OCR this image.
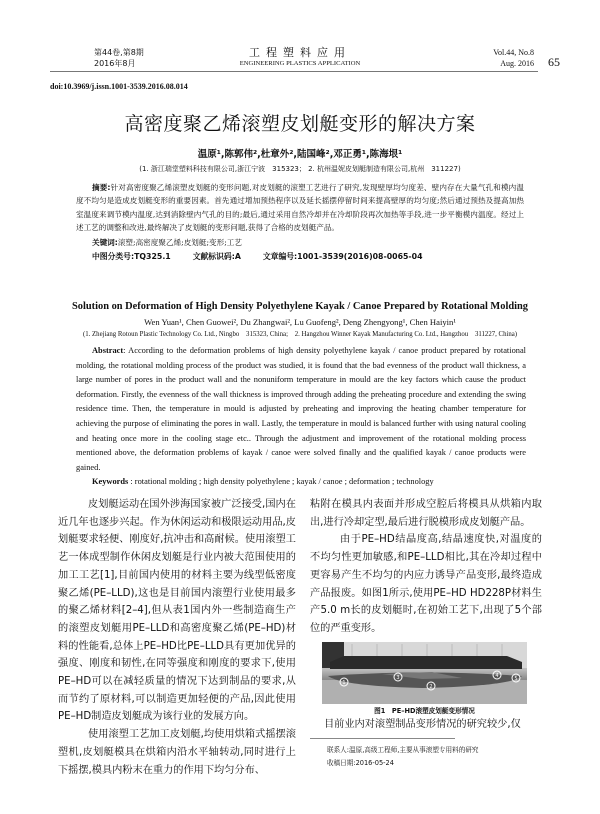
第44卷,第8期
2016年8月
工程塑料应用
ENGINEERING PLASTICS APPLICATION
Vol.44, No.8
Aug. 2016 65
doi:10.3969/j.issn.1001-3539.2016.08.014
高密度聚乙烯滚塑皮划艇变形的解决方案
温原¹,陈郭伟²,杜章外²,陆国峰²,邓正勇¹,陈海垠¹
(1. 浙江瑞堂塑料科技有限公司,浙江宁波　315323； 2. 杭州温妮皮划艇制造有限公司,杭州　311227)
摘要:针对高密度聚乙烯滚塑皮划艇的变形问题,对皮划艇的滚塑工艺进行了研究,发现壁厚均匀度差、壁内存在大量气孔和模内温度不均匀是造成皮划艇变形的重要因素。首先通过增加预热程序以及延长摇摆停留时间来提高壁厚的均匀度;然后通过预热及提高加热室温度来调节模内温度,达到消除壁内气孔的目的;最后,通过采用自然冷却并在冷却阶段再次加热等手段,进一步平衡模内温度。经过上述工艺的调整和改进,最终解决了皮划艇的变形问题,获得了合格的皮划艇产品。
关键词:滚塑;高密度聚乙烯;皮划艇;变形;工艺
中图分类号:TQ325.1	文献标识码:A	文章编号:1001-3539(2016)08-0065-04
Solution on Deformation of High Density Polyethylene Kayak / Canoe Prepared by Rotational Molding
Wen Yuan¹, Chen Guowei², Du Zhangwai², Lu Guofeng², Deng Zhengyong¹, Chen Haiyin¹
(1. Zhejiang Rotoun Plastic Technology Co. Ltd., Ningbo　315323, China;　2. Hangzhou Winner Kayak Manufacturing Co. Ltd., Hangzhou　311227, China)
Abstract: According to the deformation problems of high density polyethylene kayak / canoe product prepared by rotational molding, the rotational molding process of the product was studied, it is found that the bad evenness of the product wall thickness, a large number of pores in the product wall and the nonuniform temperature in mould are the key factors which cause the product deformation. Firstly, the evenness of the wall thickness is improved through adding the preheating procedure and extending the swing residence time. Then, the temperature in mould is adjusted by preheating and improving the heating chamber temperature for achieving the purpose of eliminating the pores in wall. Lastly, the temperature in mould is balanced further with using natural cooling and heating once more in the cooling stage etc.. Through the adjustment and improvement of the rotational molding process mentioned above, the deformation problems of kayak / canoe were solved finally and the qualified kayak / canoe products were gained.
Keywords : rotational molding ; high density polyethylene ; kayak / canoe ; deformation ; technology

皮划艇运动在国外涉海国家被广泛接受,国内在近几年也逐步兴起。作为休闲运动和极限运动用品,皮划艇要求轻便、刚度好,抗冲击和高耐候。使用滚塑工艺一体成型制作休闲皮划艇是行业内被大范围使用的加工工艺[1],目前国内使用的材料主要为线型低密度聚乙烯(PE–LLD),这也是目前国内滚塑行业使用最多的聚乙烯材料[2–4],但从表1国内外一些制造商生产的滚塑皮划艇用PE–LLD和高密度聚乙烯(PE–HD)材料的性能看,总体上PE–HD比PE–LLD具有更加优异的强度、刚度和韧性,在同等强度和刚度的要求下,使用PE–HD可以在减轻质量的情况下达到制品的要求,从而节约了原材料,可以制造更加轻便的产品,因此使用PE–HD制造皮划艇成为该行业的发展方向。

使用滚塑工艺加工皮划艇,均使用烘箱式摇摆滚塑机,皮划艇模具在烘箱内沿水平轴转动,同时进行上下摇摆,模具内粉末在重力的作用下均匀分布、

粘附在模具内表面并形成空腔后将模具从烘箱内取出,进行冷却定型,最后进行脱模形成皮划艇产品。

由于PE–HD结晶度高,结晶速度快,对温度的不均匀性更加敏感,和PE–LLD相比,其在冷却过程中更容易产生不均匀的内应力诱导产品变形,最终造成产品报废。如图1所示,使用PE–HD HD228P材料生产5.0 m长的皮划艇时,在初始工艺下,出现了5个部位的严重变形。

1
2
3	4	5
图1　PE–HD滚塑皮划艇变形情况
目前业内对滚塑制品变形情况的研究较少,仅
联系人:温原,高级工程师,主要从事滚塑专用料的研究
收稿日期:2016-05-24
